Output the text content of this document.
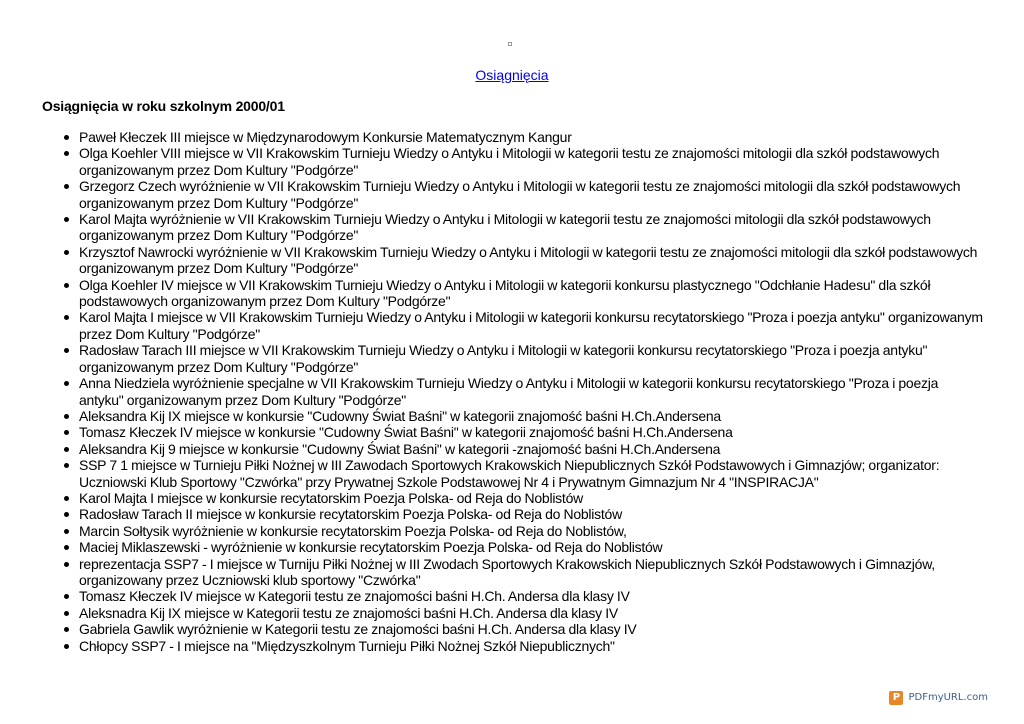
Osiągnięcia
Osiągnięcia w roku szkolnym 2000/01
Paweł Kłeczek III miejsce w Międzynarodowym Konkursie Matematycznym Kangur
Olga Koehler VIII miejsce w VII Krakowskim Turnieju Wiedzy o Antyku i Mitologii w kategorii testu ze znajomości mitologii dla szkół podstawowych organizowanym przez Dom Kultury "Podgórze"
Grzegorz Czech wyróżnienie w VII Krakowskim Turnieju Wiedzy o Antyku i Mitologii w kategorii testu ze znajomości mitologii dla szkół podstawowych organizowanym przez Dom Kultury "Podgórze"
Karol Majta wyróżnienie w VII Krakowskim Turnieju Wiedzy o Antyku i Mitologii w kategorii testu ze znajomości mitologii dla szkół podstawowych organizowanym przez Dom Kultury "Podgórze"
Krzysztof Nawrocki wyróżnienie w VII Krakowskim Turnieju Wiedzy o Antyku i Mitologii w kategorii testu ze znajomości mitologii dla szkół podstawowych organizowanym przez Dom Kultury "Podgórze"
Olga Koehler IV miejsce w VII Krakowskim Turnieju Wiedzy o Antyku i Mitologii w kategorii konkursu plastycznego "Odchłanie Hadesu" dla szkół podstawowych organizowanym przez Dom Kultury "Podgórze"
Karol Majta I miejsce w VII Krakowskim Turnieju Wiedzy o Antyku i Mitologii w kategorii konkursu recytatorskiego "Proza i poezja antyku" organizowanym przez Dom Kultury "Podgórze"
Radosław Tarach III miejsce w VII Krakowskim Turnieju Wiedzy o Antyku i Mitologii w kategorii konkursu recytatorskiego "Proza i poezja antyku" organizowanym przez Dom Kultury "Podgórze"
Anna Niedziela wyróżnienie specjalne w VII Krakowskim Turnieju Wiedzy o Antyku i Mitologii w kategorii konkursu recytatorskiego "Proza i poezja antyku" organizowanym przez Dom Kultury "Podgórze"
Aleksandra Kij IX miejsce w konkursie "Cudowny Świat Baśni" w kategorii znajomość baśni H.Ch.Andersena
Tomasz Kłeczek IV miejsce w konkursie "Cudowny Świat Baśni" w kategorii znajomość baśni H.Ch.Andersena
Aleksandra Kij 9 miejsce w konkursie "Cudowny Świat Baśni" w kategorii -znajomość baśni H.Ch.Andersena
SSP 7 1 miejsce w Turnieju Piłki Nożnej w III Zawodach Sportowych Krakowskich Niepublicznych Szkół Podstawowych i Gimnazjów; organizator: Uczniowski Klub Sportowy "Czwórka" przy Prywatnej Szkole Podstawowej Nr 4 i Prywatnym Gimnazjum Nr 4 "INSPIRACJA"
Karol Majta I miejsce w konkursie recytatorskim Poezja Polska- od Reja do Noblistów
Radosław Tarach II miejsce w konkursie recytatorskim Poezja Polska- od Reja do Noblistów
Marcin Sołtysik wyróżnienie w konkursie recytatorskim Poezja Polska- od Reja do Noblistów,
Maciej Miklaszewski - wyróżnienie w konkursie recytatorskim Poezja Polska- od Reja do Noblistów
reprezentacja SSP7 - I miejsce w Turniju Piłki Nożnej w III Zwodach Sportowych Krakowskich Niepublicznych Szkół Podstawowych i Gimnazjów, organizowany przez Uczniowski klub sportowy "Czwórka"
Tomasz Kłeczek IV miejsce w Kategorii testu ze znajomości baśni H.Ch. Andersa dla klasy IV
Aleksnadra Kij IX miejsce w Kategorii testu ze znajomości baśni H.Ch. Andersa dla klasy IV
Gabriela Gawlik wyróżnienie w Kategorii testu ze znajomości baśni H.Ch. Andersa dla klasy IV
Chłopcy SSP7 - I miejsce na "Międzyszkolnym Turnieju Piłki Nożnej Szkół Niepublicznych"
P PDFmyURL.com
